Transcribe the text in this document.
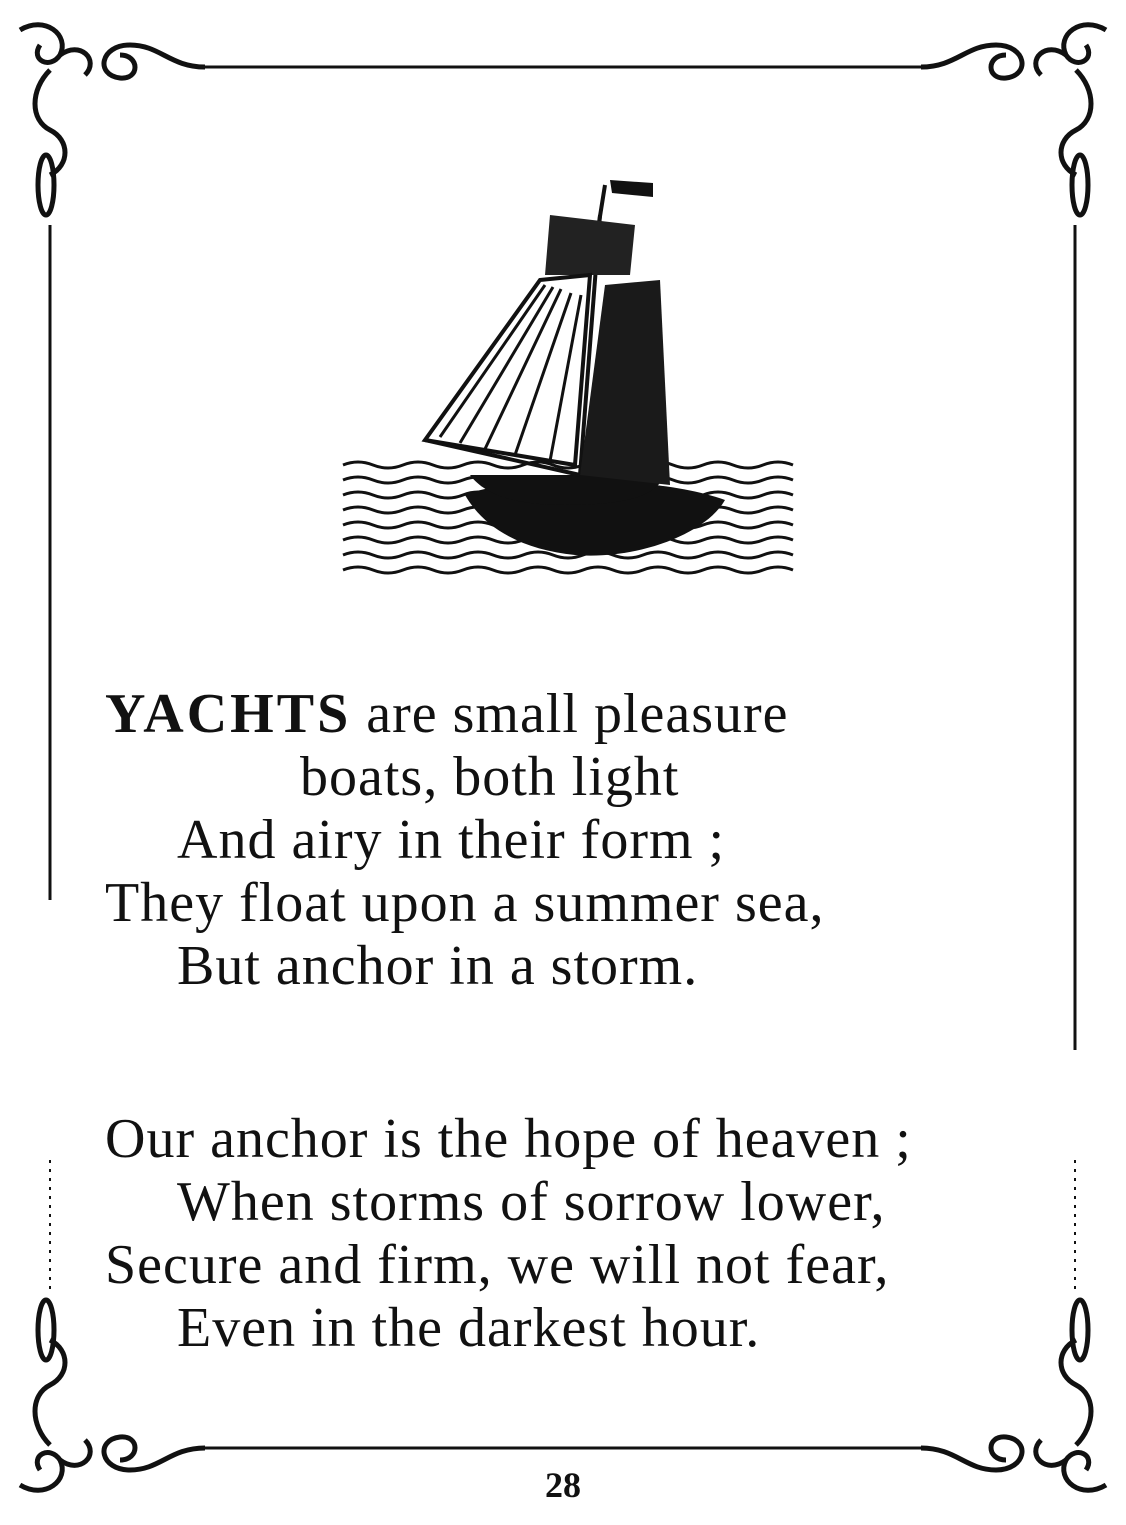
YACHTS are small pleasure
boats, both light
And airy in their form ;
They float upon a summer sea,
But anchor in a storm.
Our anchor is the hope of heaven ;
When storms of sorrow lower,
Secure and firm, we will not fear,
Even in the darkest hour.
28
